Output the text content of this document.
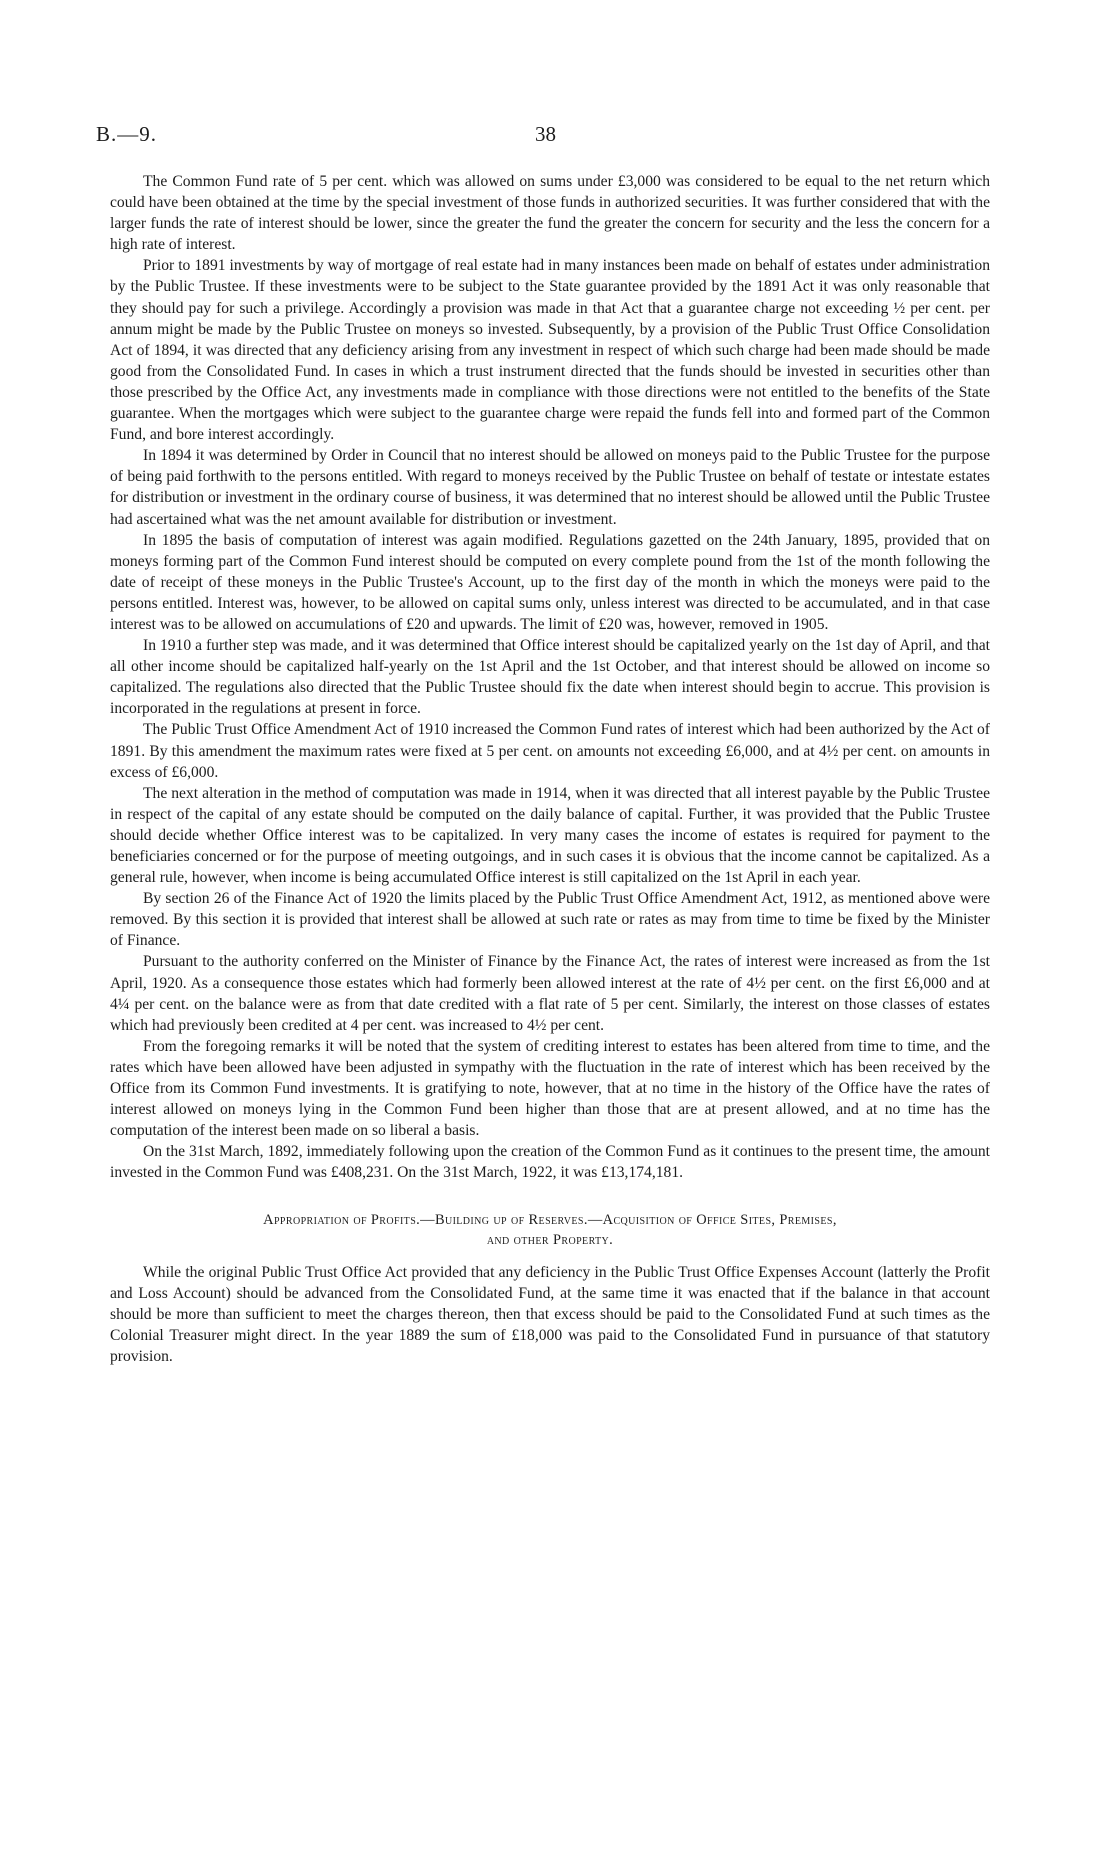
B.—9.	38

The Common Fund rate of 5 per cent. which was allowed on sums under £3,000 was considered to be equal to the net return which could have been obtained at the time by the special investment of those funds in authorized securities. It was further considered that with the larger funds the rate of interest should be lower, since the greater the fund the greater the concern for security and the less the concern for a high rate of interest.

Prior to 1891 investments by way of mortgage of real estate had in many instances been made on behalf of estates under administration by the Public Trustee. If these investments were to be subject to the State guarantee provided by the 1891 Act it was only reasonable that they should pay for such a privilege. Accordingly a provision was made in that Act that a guarantee charge not exceeding ½ per cent. per annum might be made by the Public Trustee on moneys so invested. Subsequently, by a provision of the Public Trust Office Consolidation Act of 1894, it was directed that any deficiency arising from any investment in respect of which such charge had been made should be made good from the Consolidated Fund. In cases in which a trust instrument directed that the funds should be invested in securities other than those prescribed by the Office Act, any investments made in compliance with those directions were not entitled to the benefits of the State guarantee. When the mortgages which were subject to the guarantee charge were repaid the funds fell into and formed part of the Common Fund, and bore interest accordingly.

In 1894 it was determined by Order in Council that no interest should be allowed on moneys paid to the Public Trustee for the purpose of being paid forthwith to the persons entitled. With regard to moneys received by the Public Trustee on behalf of testate or intestate estates for distribution or investment in the ordinary course of business, it was determined that no interest should be allowed until the Public Trustee had ascertained what was the net amount available for distribution or investment.

In 1895 the basis of computation of interest was again modified. Regulations gazetted on the 24th January, 1895, provided that on moneys forming part of the Common Fund interest should be computed on every complete pound from the 1st of the month following the date of receipt of these moneys in the Public Trustee's Account, up to the first day of the month in which the moneys were paid to the persons entitled. Interest was, however, to be allowed on capital sums only, unless interest was directed to be accumulated, and in that case interest was to be allowed on accumulations of £20 and upwards. The limit of £20 was, however, removed in 1905.

In 1910 a further step was made, and it was determined that Office interest should be capitalized yearly on the 1st day of April, and that all other income should be capitalized half-yearly on the 1st April and the 1st October, and that interest should be allowed on income so capitalized. The regulations also directed that the Public Trustee should fix the date when interest should begin to accrue. This provision is incorporated in the regulations at present in force.

The Public Trust Office Amendment Act of 1910 increased the Common Fund rates of interest which had been authorized by the Act of 1891. By this amendment the maximum rates were fixed at 5 per cent. on amounts not exceeding £6,000, and at 4½ per cent. on amounts in excess of £6,000.

The next alteration in the method of computation was made in 1914, when it was directed that all interest payable by the Public Trustee in respect of the capital of any estate should be computed on the daily balance of capital. Further, it was provided that the Public Trustee should decide whether Office interest was to be capitalized. In very many cases the income of estates is required for payment to the beneficiaries concerned or for the purpose of meeting outgoings, and in such cases it is obvious that the income cannot be capitalized. As a general rule, however, when income is being accumulated Office interest is still capitalized on the 1st April in each year.

By section 26 of the Finance Act of 1920 the limits placed by the Public Trust Office Amendment Act, 1912, as mentioned above were removed. By this section it is provided that interest shall be allowed at such rate or rates as may from time to time be fixed by the Minister of Finance.

Pursuant to the authority conferred on the Minister of Finance by the Finance Act, the rates of interest were increased as from the 1st April, 1920. As a consequence those estates which had formerly been allowed interest at the rate of 4½ per cent. on the first £6,000 and at 4¼ per cent. on the balance were as from that date credited with a flat rate of 5 per cent. Similarly, the interest on those classes of estates which had previously been credited at 4 per cent. was increased to 4½ per cent.

From the foregoing remarks it will be noted that the system of crediting interest to estates has been altered from time to time, and the rates which have been allowed have been adjusted in sympathy with the fluctuation in the rate of interest which has been received by the Office from its Common Fund investments. It is gratifying to note, however, that at no time in the history of the Office have the rates of interest allowed on moneys lying in the Common Fund been higher than those that are at present allowed, and at no time has the computation of the interest been made on so liberal a basis.

On the 31st March, 1892, immediately following upon the creation of the Common Fund as it continues to the present time, the amount invested in the Common Fund was £408,231. On the 31st March, 1922, it was £13,174,181.

Appropriation of Profits.—Building up of Reserves.—Acquisition of Office Sites, Premises,
and other Property.

While the original Public Trust Office Act provided that any deficiency in the Public Trust Office Expenses Account (latterly the Profit and Loss Account) should be advanced from the Consolidated Fund, at the same time it was enacted that if the balance in that account should be more than sufficient to meet the charges thereon, then that excess should be paid to the Consolidated Fund at such times as the Colonial Treasurer might direct. In the year 1889 the sum of £18,000 was paid to the Consolidated Fund in pursuance of that statutory provision.
